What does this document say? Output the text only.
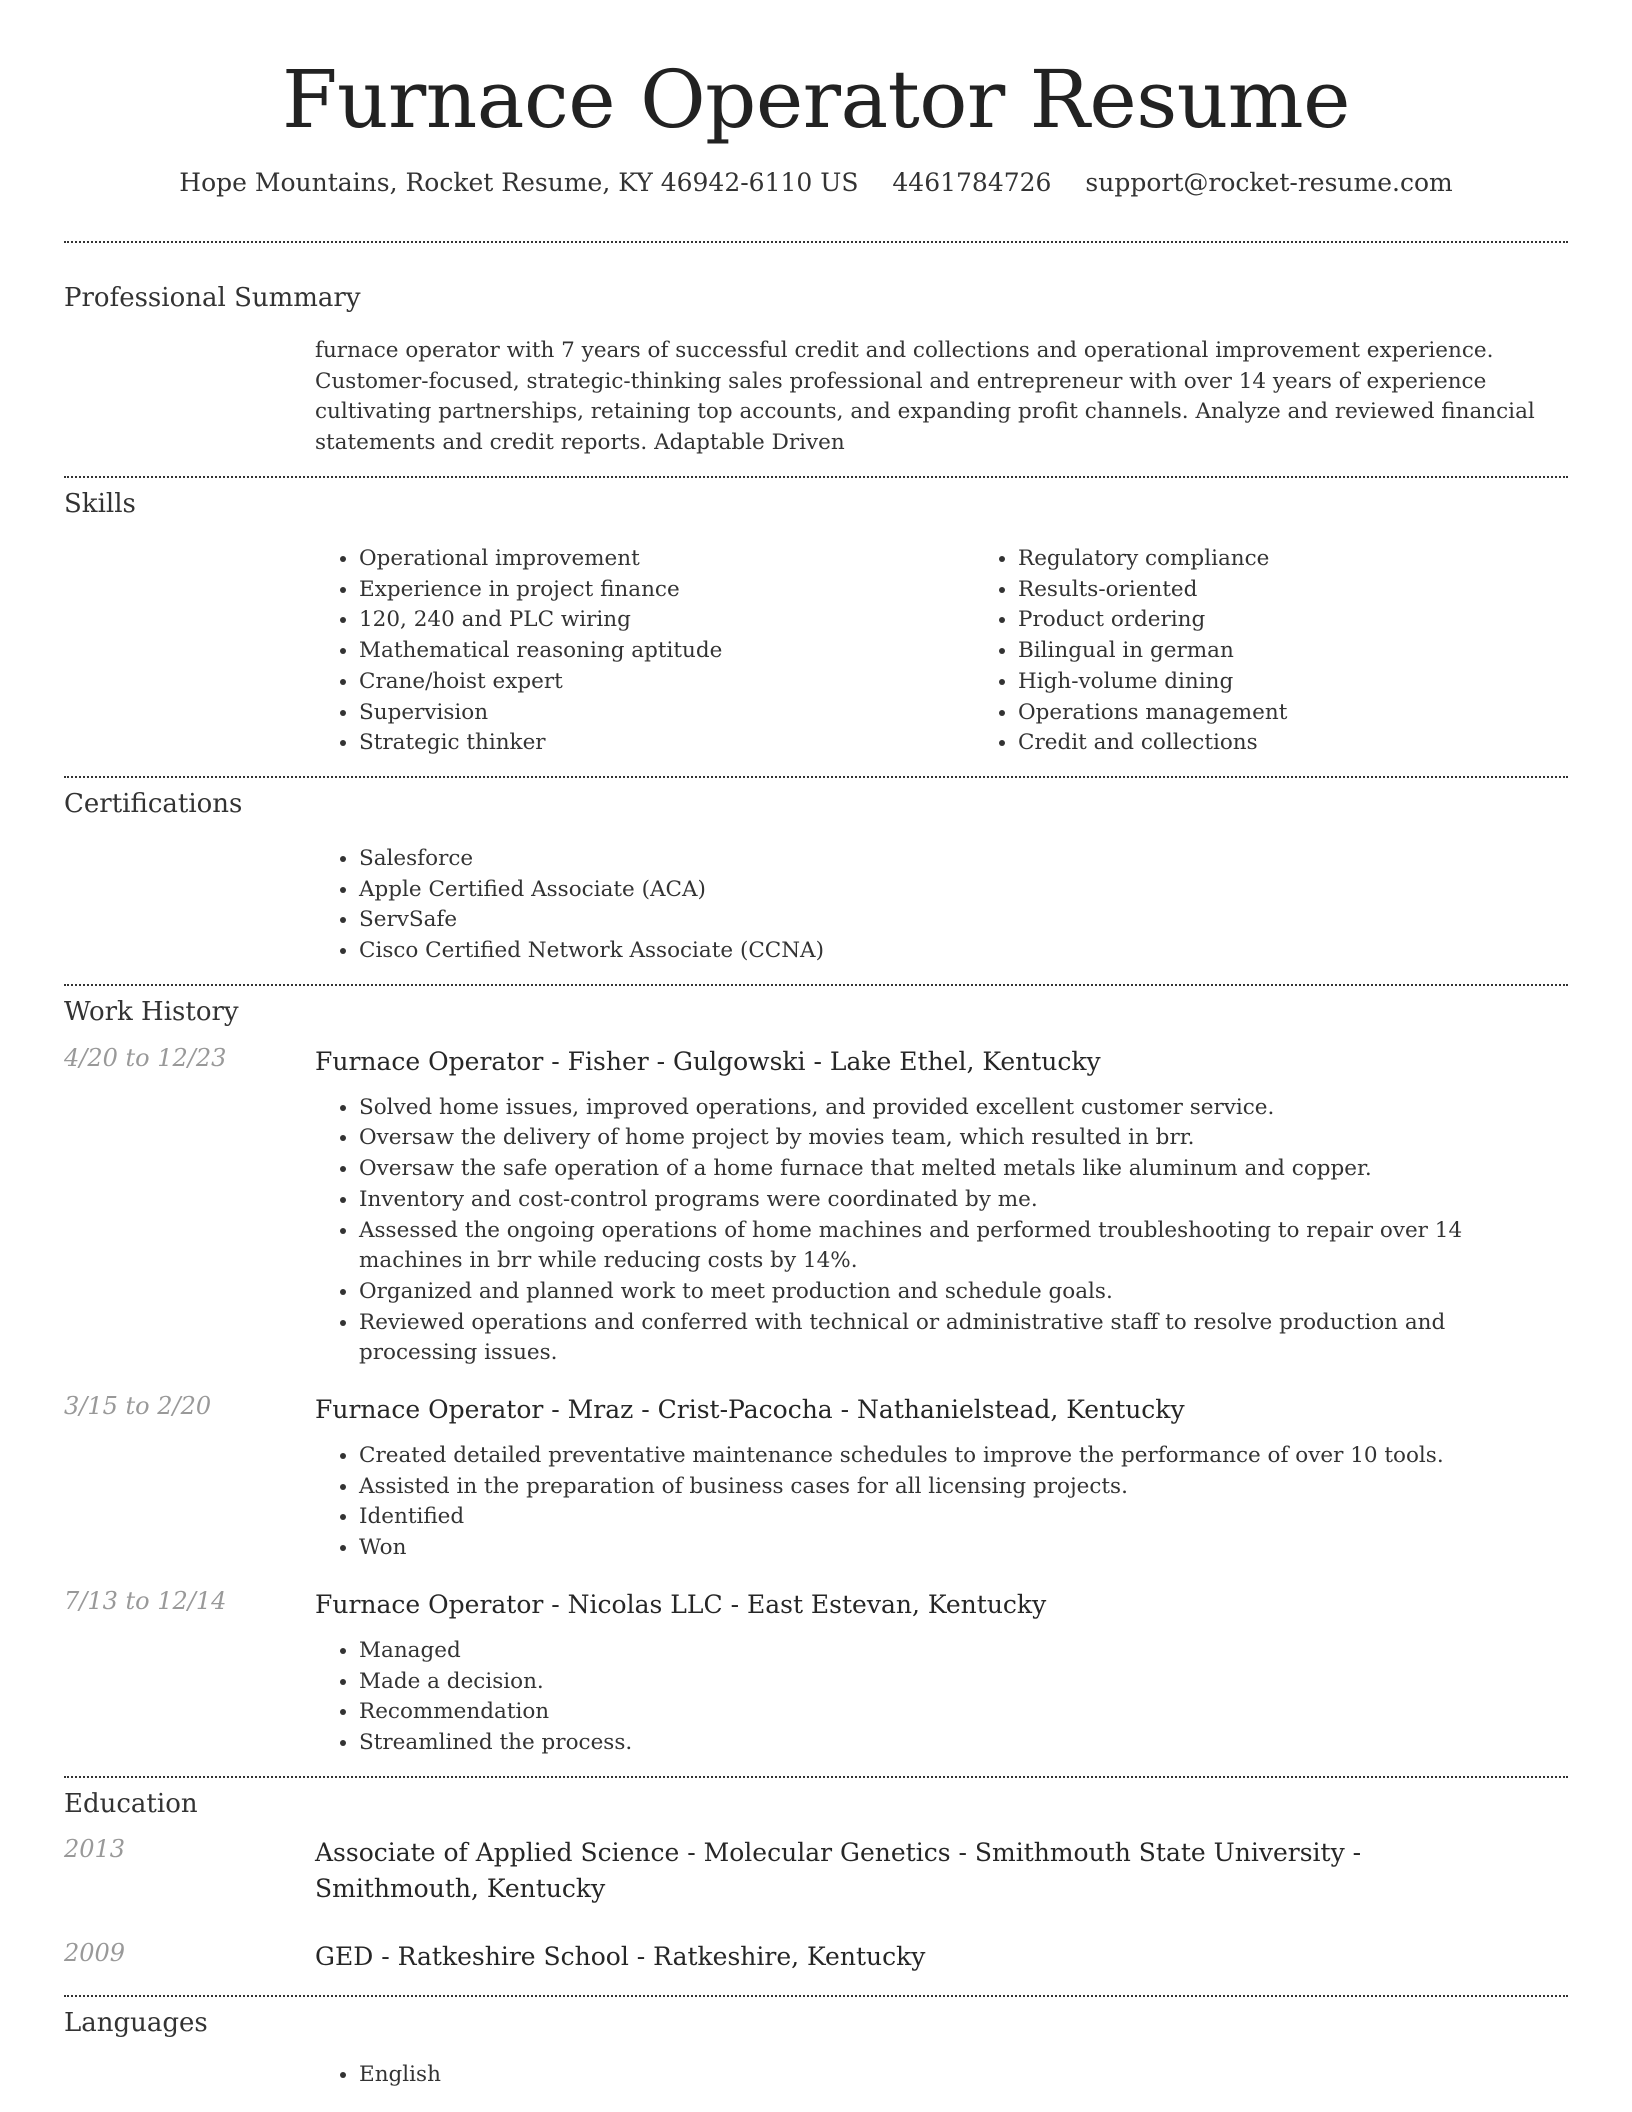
Furnace Operator Resume
Hope Mountains, Rocket Resume, KY 46942-6110 US 4461784726 support@rocket-resume.com
Professional Summary
furnace operator with 7 years of successful credit and collections and operational improvement experience. Customer-focused, strategic-thinking sales professional and entrepreneur with over 14 years of experience cultivating partnerships, retaining top accounts, and expanding profit channels. Analyze and reviewed financial statements and credit reports. Adaptable Driven
Skills
• Operational improvement
• Experience in project finance
• 120, 240 and PLC wiring
• Mathematical reasoning aptitude
• Crane/hoist expert
• Supervision
• Strategic thinker
• Regulatory compliance
• Results-oriented
• Product ordering
• Bilingual in german
• High-volume dining
• Operations management
• Credit and collections
Certifications
• Salesforce
• Apple Certified Associate (ACA)
• ServSafe
• Cisco Certified Network Associate (CCNA)
Work History
4/20 to 12/23	Furnace Operator - Fisher - Gulgowski - Lake Ethel, Kentucky
• Solved home issues, improved operations, and provided excellent customer service.
• Oversaw the delivery of home project by movies team, which resulted in brr.
• Oversaw the safe operation of a home furnace that melted metals like aluminum and copper.
• Inventory and cost-control programs were coordinated by me.
• Assessed the ongoing operations of home machines and performed troubleshooting to repair over 14 machines in brr while reducing costs by 14%.
• Organized and planned work to meet production and schedule goals.
• Reviewed operations and conferred with technical or administrative staff to resolve production and processing issues.
3/15 to 2/20	Furnace Operator - Mraz - Crist-Pacocha - Nathanielstead, Kentucky
• Created detailed preventative maintenance schedules to improve the performance of over 10 tools.
• Assisted in the preparation of business cases for all licensing projects.
• Identified
• Won
7/13 to 12/14	Furnace Operator - Nicolas LLC - East Estevan, Kentucky
• Managed
• Made a decision.
• Recommendation
• Streamlined the process.
Education
2013	Associate of Applied Science - Molecular Genetics - Smithmouth State University - Smithmouth, Kentucky
2009	GED - Ratkeshire School - Ratkeshire, Kentucky
Languages
• English
